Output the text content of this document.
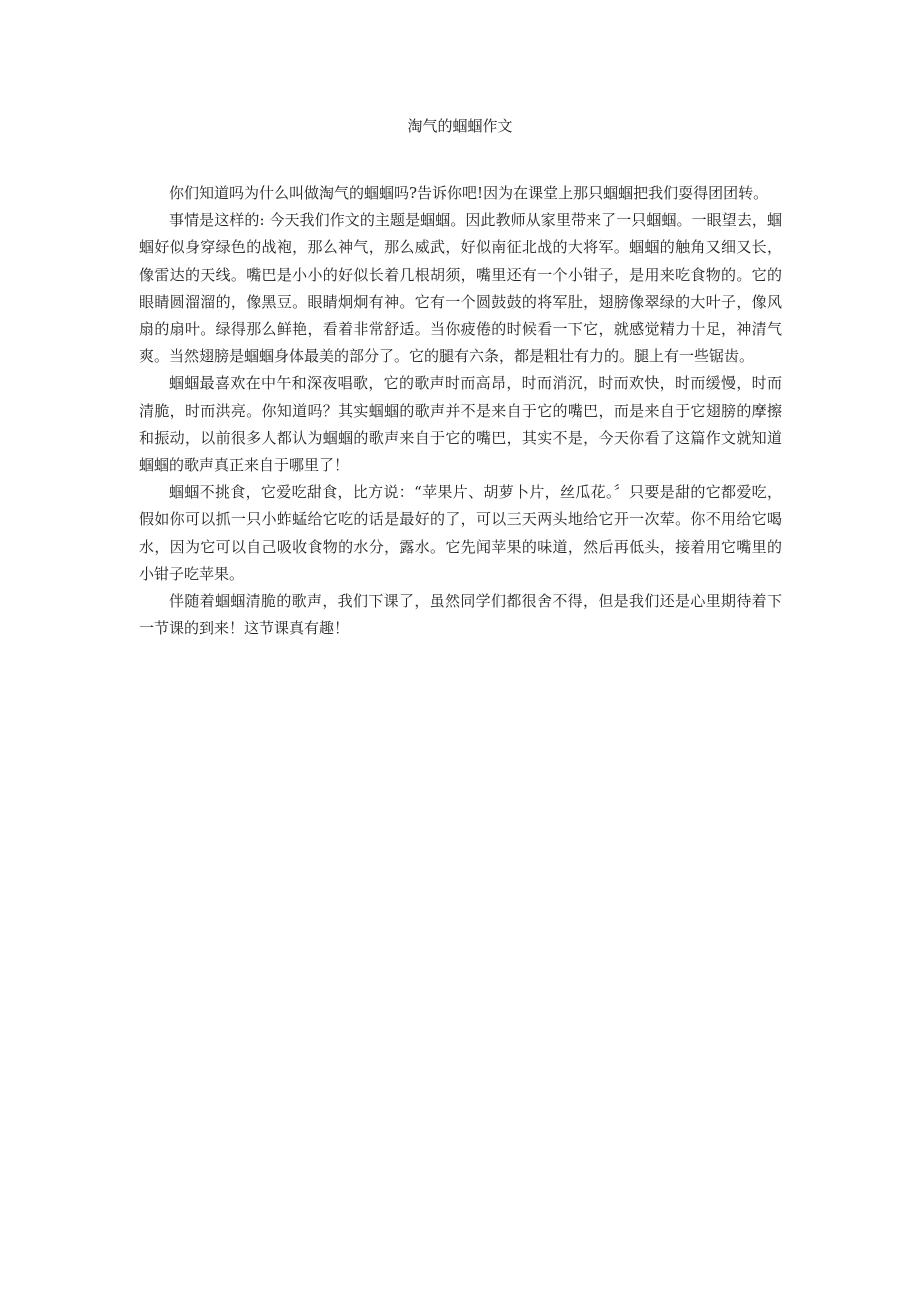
淘气的蝈蝈作文

你们知道吗为什么叫做淘气的蝈蝈吗?告诉你吧!因为在课堂上那只蝈蝈把我们耍得团团转。

事情是这样的: 今天我们作文的主题是蝈蝈。因此教师从家里带来了一只蝈蝈。一眼望去，蝈蝈好似身穿绿色的战袍，那么神气，那么威武，好似南征北战的大将军。蝈蝈的触角又细又长，像雷达的天线。嘴巴是小小的好似长着几根胡须，嘴里还有一个小钳子，是用来吃食物的。它的眼睛圆溜溜的，像黑豆。眼睛炯炯有神。它有一个圆鼓鼓的将军肚，翅膀像翠绿的大叶子，像风扇的扇叶。绿得那么鲜艳，看着非常舒适。当你疲倦的时候看一下它，就感觉精力十足，神清气爽。当然翅膀是蝈蝈身体最美的部分了。它的腿有六条，都是粗壮有力的。腿上有一些锯齿。

蝈蝈最喜欢在中午和深夜唱歌，它的歌声时而高昂，时而消沉，时而欢快，时而缓慢，时而清脆，时而洪亮。你知道吗？其实蝈蝈的歌声并不是来自于它的嘴巴，而是来自于它翅膀的摩擦和振动，以前很多人都认为蝈蝈的歌声来自于它的嘴巴，其实不是，今天你看了这篇作文就知道蝈蝈的歌声真正来自于哪里了！

蝈蝈不挑食，它爱吃甜食，比方说：“苹果片、胡萝卜片，丝瓜花。〞只要是甜的它都爱吃，假如你可以抓一只小蚱蜢给它吃的话是最好的了，可以三天两头地给它开一次荤。你不用给它喝水，因为它可以自己吸收食物的水分，露水。它先闻苹果的味道，然后再低头，接着用它嘴里的小钳子吃苹果。

伴随着蝈蝈清脆的歌声，我们下课了，虽然同学们都很舍不得，但是我们还是心里期待着下一节课的到来！这节课真有趣！
